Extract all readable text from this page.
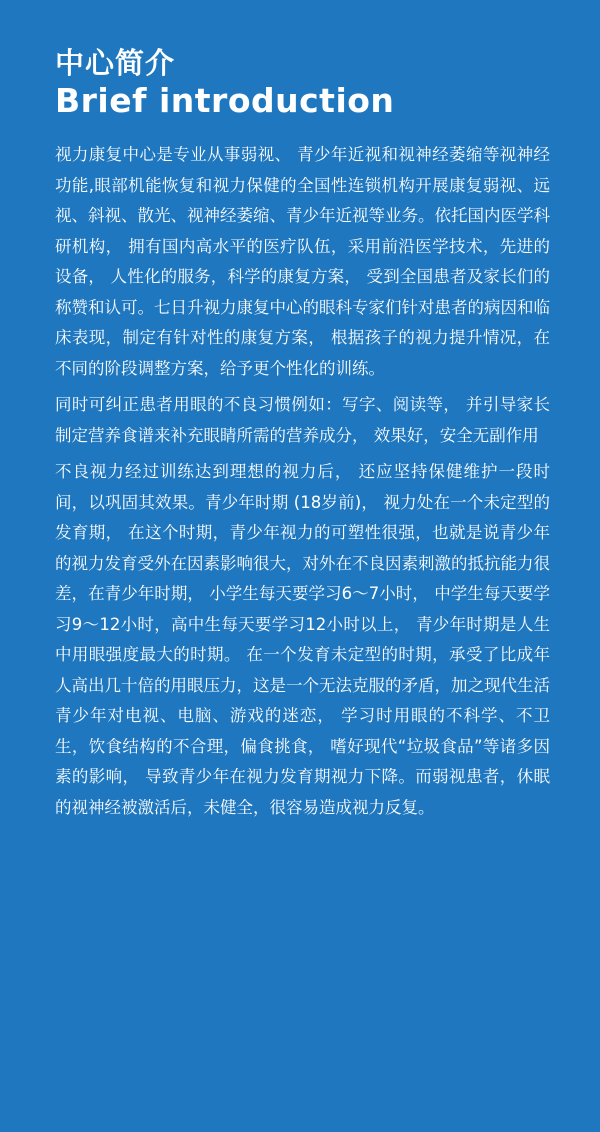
中心简介
Brief introduction

视力康复中心是专业从事弱视、 青少年近视和视神经萎缩等视神经功能,眼部机能恢复和视力保健的全国性连锁机构开展康复弱视、远视、斜视、散光、视神经萎缩、青少年近视等业务。依托国内医学科研机构， 拥有国内高水平的医疗队伍，采用前沿医学技术，先进的设备， 人性化的服务，科学的康复方案， 受到全国患者及家长们的称赞和认可。七日升视力康复中心的眼科专家们针对患者的病因和临床表现，制定有针对性的康复方案， 根据孩子的视力提升情况，在不同的阶段调整方案，给予更个性化的训练。

同时可纠正患者用眼的不良习惯例如：写字、阅读等， 并引导家长制定营养食谱来补充眼睛所需的营养成分， 效果好，安全无副作用

不良视力经过训练达到理想的视力后， 还应坚持保健维护一段时间，以巩固其效果。青少年时期 (18岁前)， 视力处在一个未定型的发育期， 在这个时期，青少年视力的可塑性很强，也就是说青少年的视力发育受外在因素影响很大，对外在不良因素刺激的抵抗能力很差，在青少年时期， 小学生每天要学习6～7小时， 中学生每天要学习9～12小时，高中生每天要学习12小时以上， 青少年时期是人生中用眼强度最大的时期。 在一个发育未定型的时期，承受了比成年人高出几十倍的用眼压力，这是一个无法克服的矛盾，加之现代生活青少年对电视、电脑、游戏的迷恋， 学习时用眼的不科学、不卫生，饮食结构的不合理，偏食挑食， 嗜好现代“垃圾食品”等诸多因素的影响， 导致青少年在视力发育期视力下降。而弱视患者，休眠的视神经被激活后，未健全，很容易造成视力反复。
